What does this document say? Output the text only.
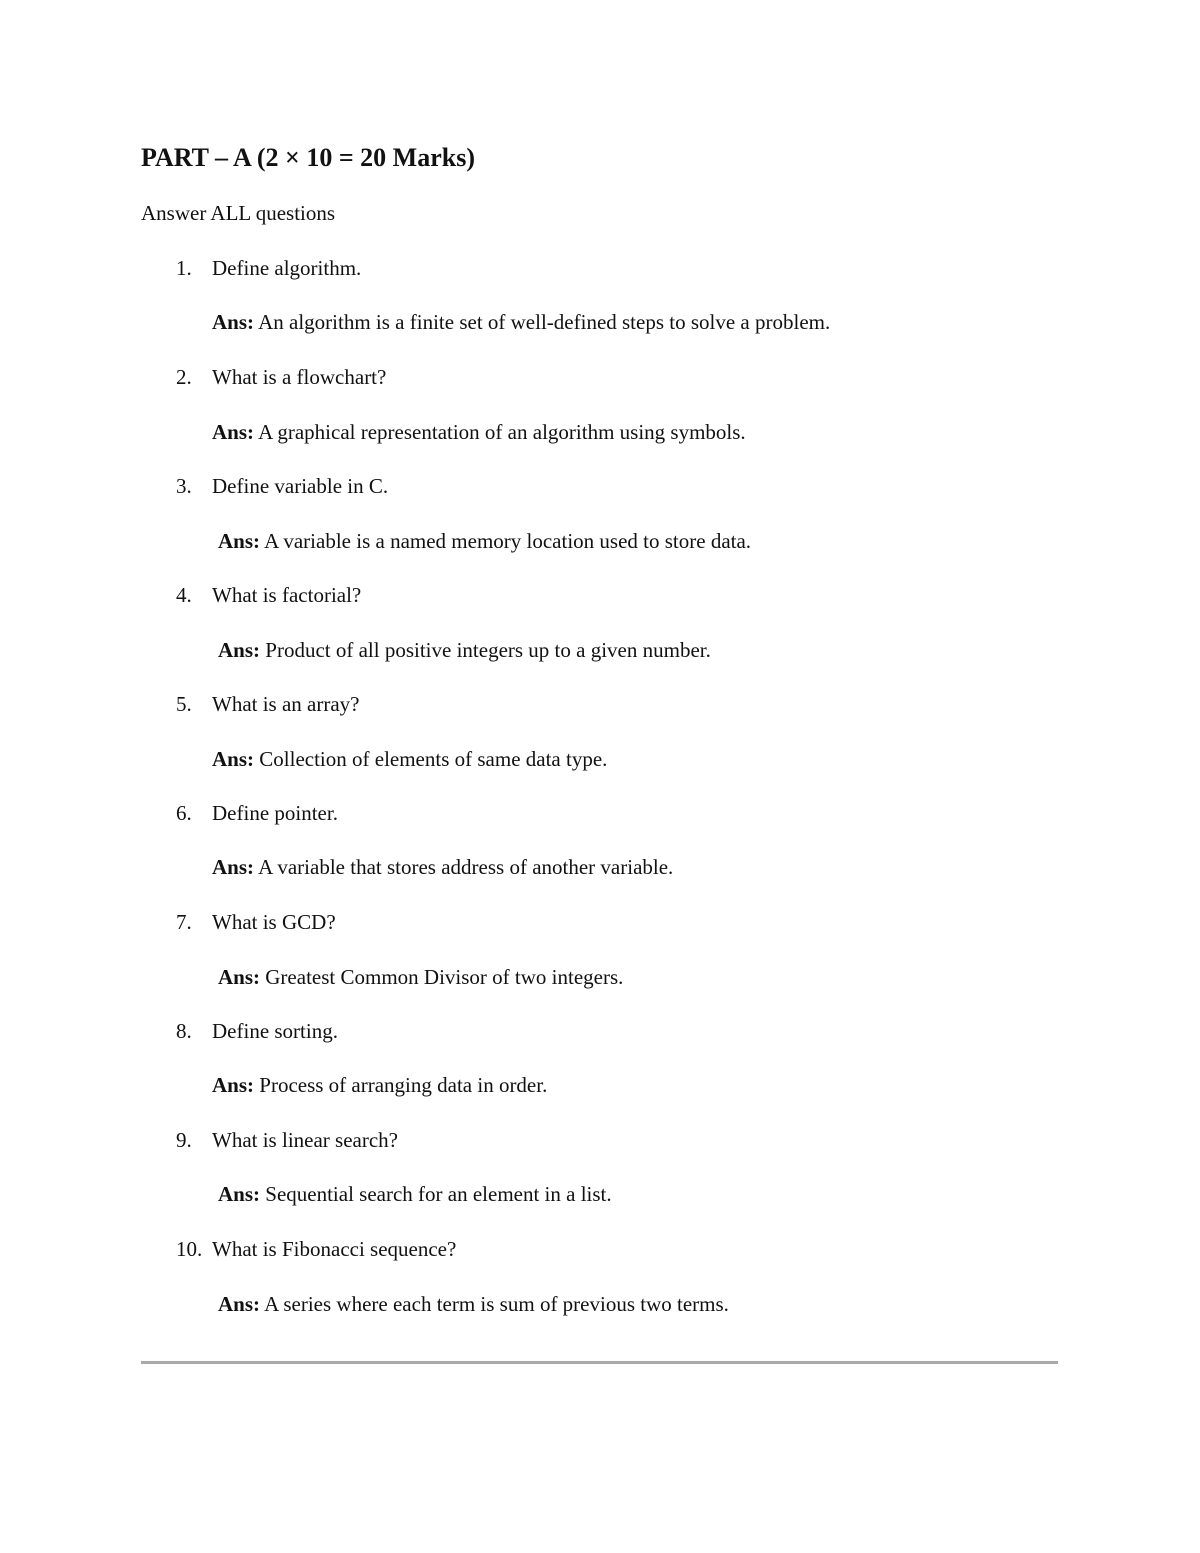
PART – A (2 × 10 = 20 Marks)
Answer ALL questions
1. Define algorithm.
Ans: An algorithm is a finite set of well-defined steps to solve a problem.
2. What is a flowchart?
Ans: A graphical representation of an algorithm using symbols.
3. Define variable in C.
Ans: A variable is a named memory location used to store data.
4. What is factorial?
Ans: Product of all positive integers up to a given number.
5. What is an array?
Ans: Collection of elements of same data type.
6. Define pointer.
Ans: A variable that stores address of another variable.
7. What is GCD?
Ans: Greatest Common Divisor of two integers.
8. Define sorting.
Ans: Process of arranging data in order.
9. What is linear search?
Ans: Sequential search for an element in a list.
10. What is Fibonacci sequence?
Ans: A series where each term is sum of previous two terms.
